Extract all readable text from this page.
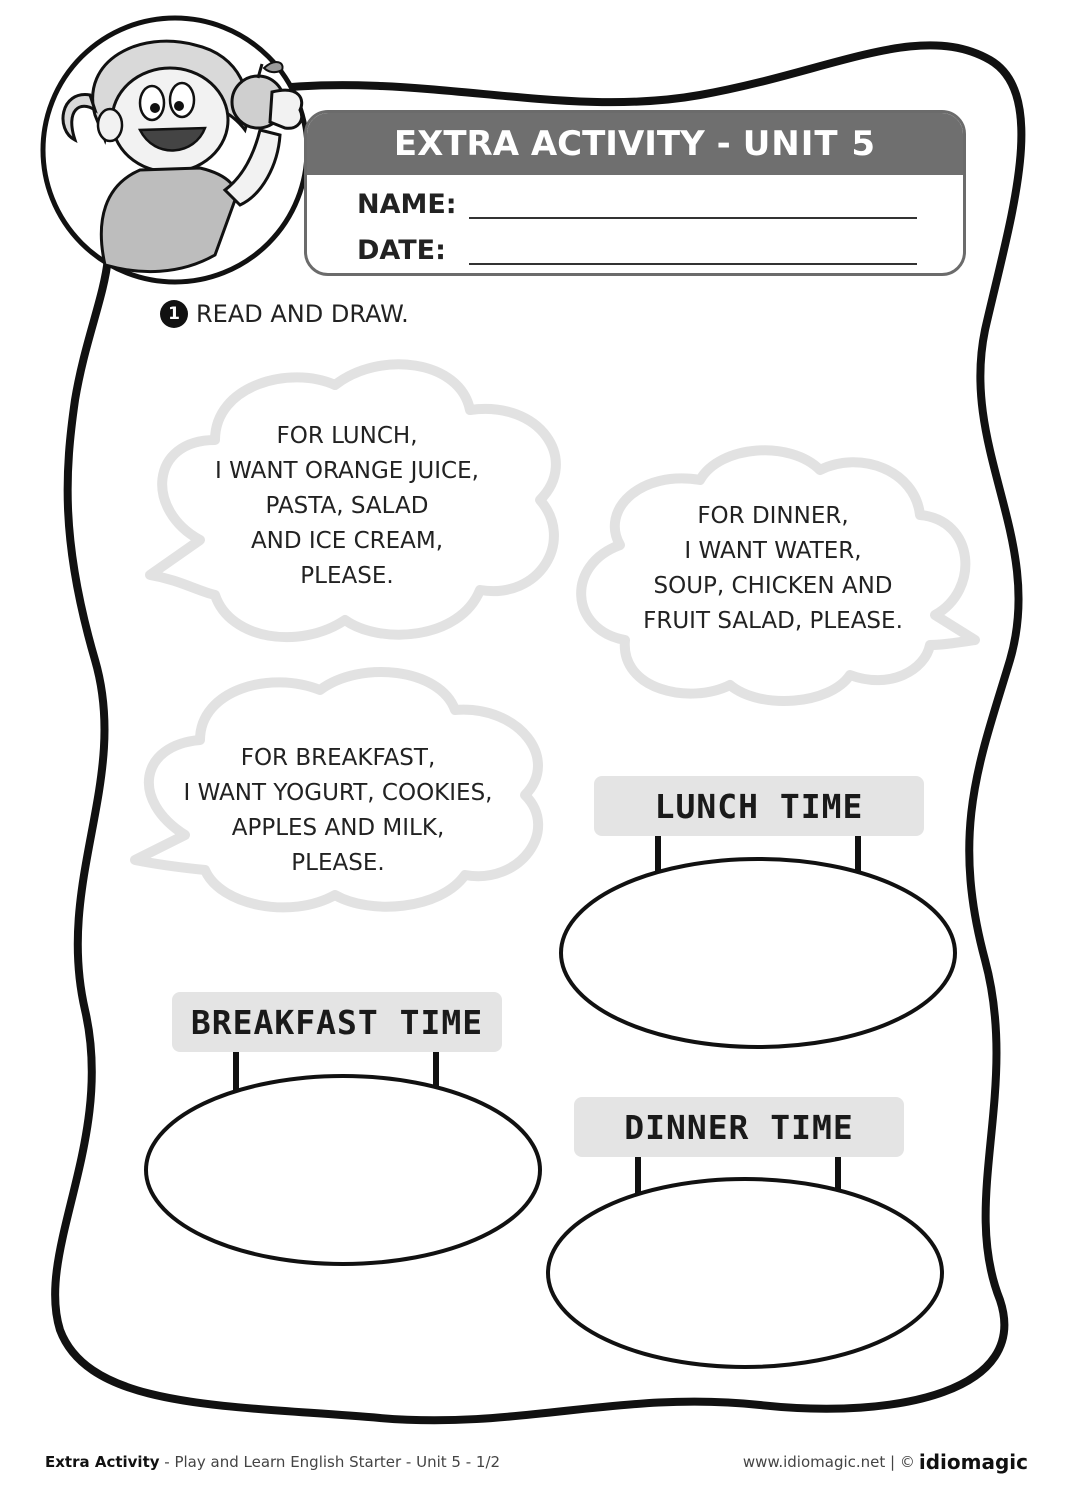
EXTRA ACTIVITY - UNIT 5
NAME:
DATE:
1 READ AND DRAW.
FOR LUNCH,
I WANT ORANGE JUICE,
PASTA, SALAD
AND ICE CREAM,
PLEASE.
FOR DINNER,
I WANT WATER,
SOUP, CHICKEN AND
FRUIT SALAD, PLEASE.
FOR BREAKFAST,
I WANT YOGURT, COOKIES,
APPLES AND MILK,
PLEASE.
LUNCH TIME
BREAKFAST TIME
DINNER TIME
Extra Activity - Play and Learn English Starter - Unit 5 - 1/2	www.idiomagic.net | © idiomagic
